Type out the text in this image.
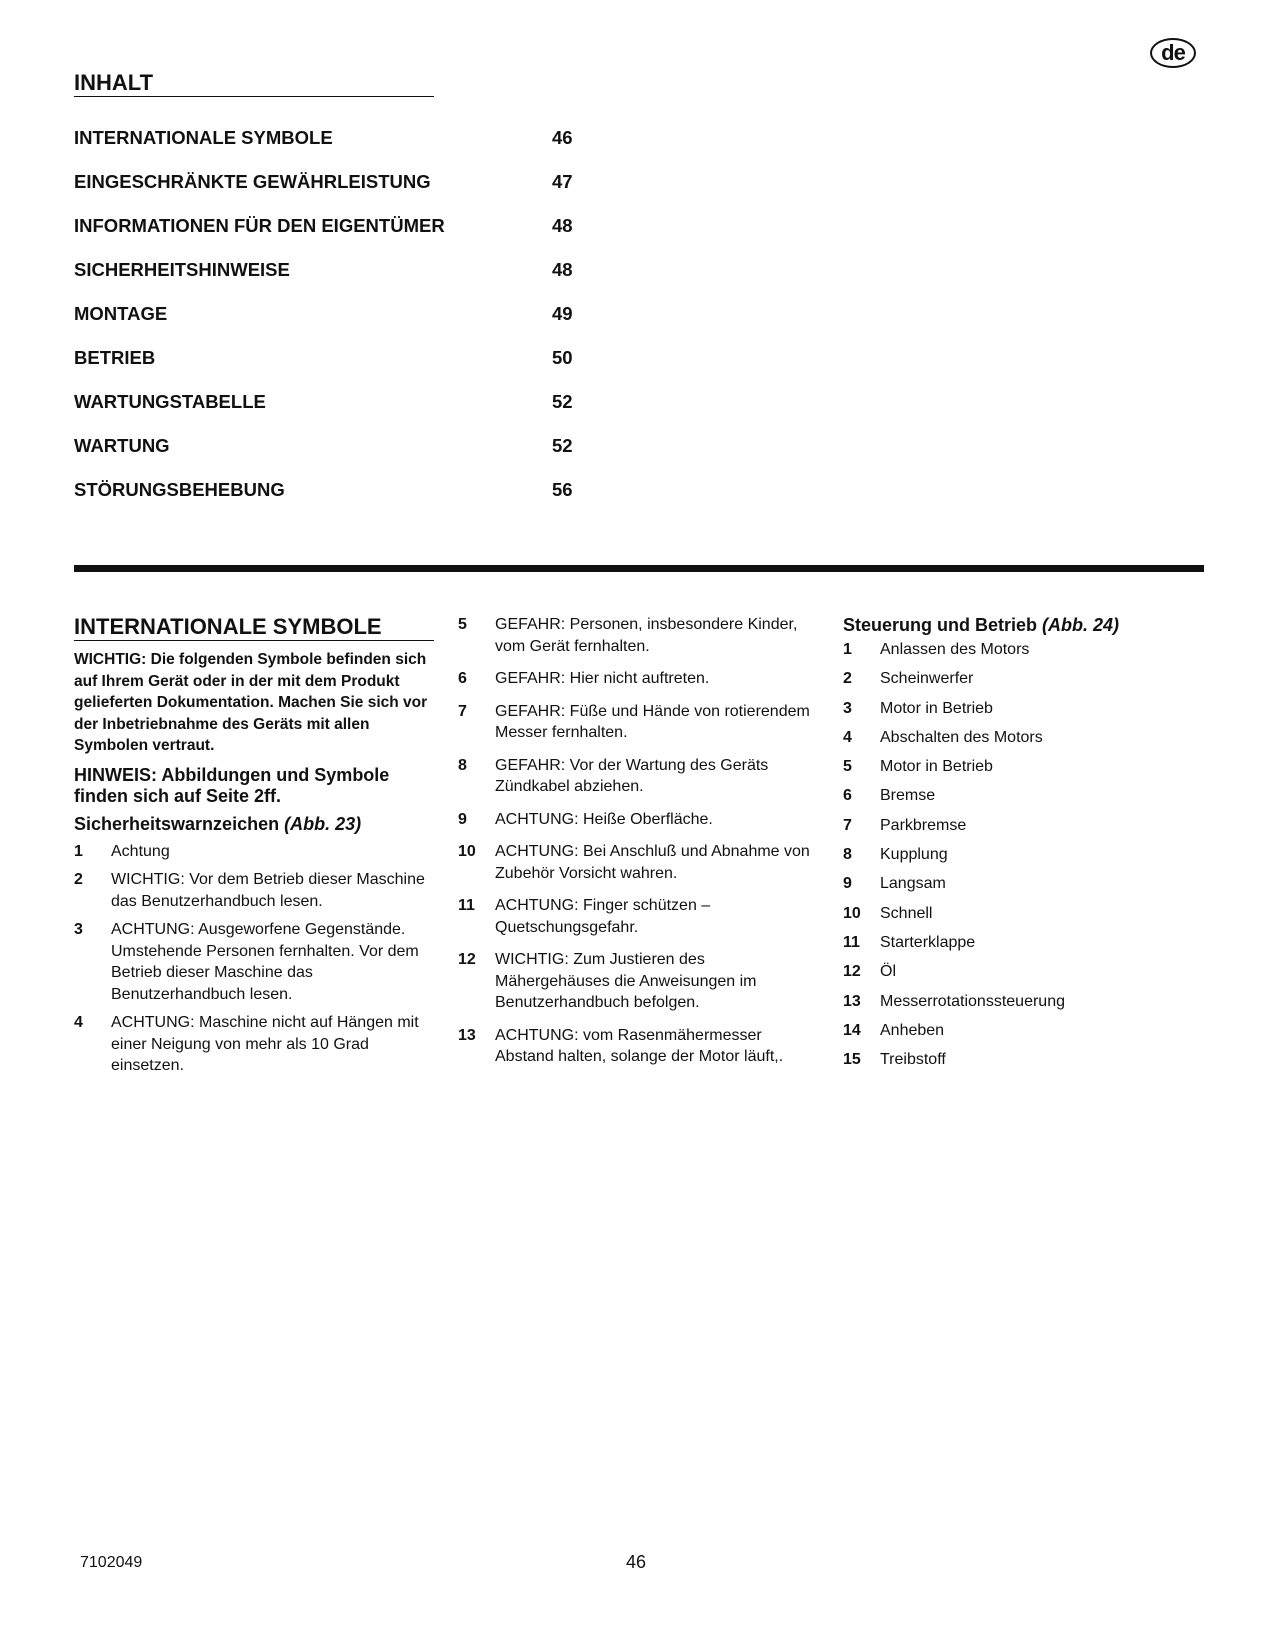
de
INHALT
INTERNATIONALE SYMBOLE	46
EINGESCHRÄNKTE GEWÄHRLEISTUNG	47
INFORMATIONEN FÜR DEN EIGENTÜMER	48
SICHERHEITSHINWEISE	48
MONTAGE	49
BETRIEB	50
WARTUNGSTABELLE	52
WARTUNG	52
STÖRUNGSBEHEBUNG	56
INTERNATIONALE SYMBOLE
WICHTIG: Die folgenden Symbole befinden sich auf Ihrem Gerät oder in der mit dem Produkt gelieferten Dokumentation. Machen Sie sich vor der Inbetriebnahme des Geräts mit allen Symbolen vertraut.
HINWEIS: Abbildungen und Symbole finden sich auf Seite 2ff.
Sicherheitswarnzeichen (Abb. 23)
1	Achtung
2	WICHTIG: Vor dem Betrieb dieser Maschine das Benutzerhandbuch lesen.
3	ACHTUNG: Ausgeworfene Gegenstände. Umstehende Personen fernhalten. Vor dem Betrieb dieser Maschine das Benutzerhandbuch lesen.
4	ACHTUNG: Maschine nicht auf Hängen mit einer Neigung von mehr als 10 Grad einsetzen.
5	GEFAHR: Personen, insbesondere Kinder, vom Gerät fernhalten.
6	GEFAHR: Hier nicht auftreten.
7	GEFAHR: Füße und Hände von rotierendem Messer fernhalten.
8	GEFAHR: Vor der Wartung des Geräts Zündkabel abziehen.
9	ACHTUNG: Heiße Oberfläche.
10	ACHTUNG: Bei Anschluß und Abnahme von Zubehör Vorsicht wahren.
11	ACHTUNG: Finger schützen – Quetschungsgefahr.
12	WICHTIG: Zum Justieren des Mähergehäuses die Anweisungen im Benutzerhandbuch befolgen.
13	ACHTUNG: vom Rasenmähermesser Abstand halten, solange der Motor läuft,.
Steuerung und Betrieb (Abb. 24)
1	Anlassen des Motors
2	Scheinwerfer
3	Motor in Betrieb
4	Abschalten des Motors
5	Motor in Betrieb
6	Bremse
7	Parkbremse
8	Kupplung
9	Langsam
10	Schnell
11	Starterklappe
12	Öl
13	Messerrotationssteuerung
14	Anheben
15	Treibstoff
7102049	46
